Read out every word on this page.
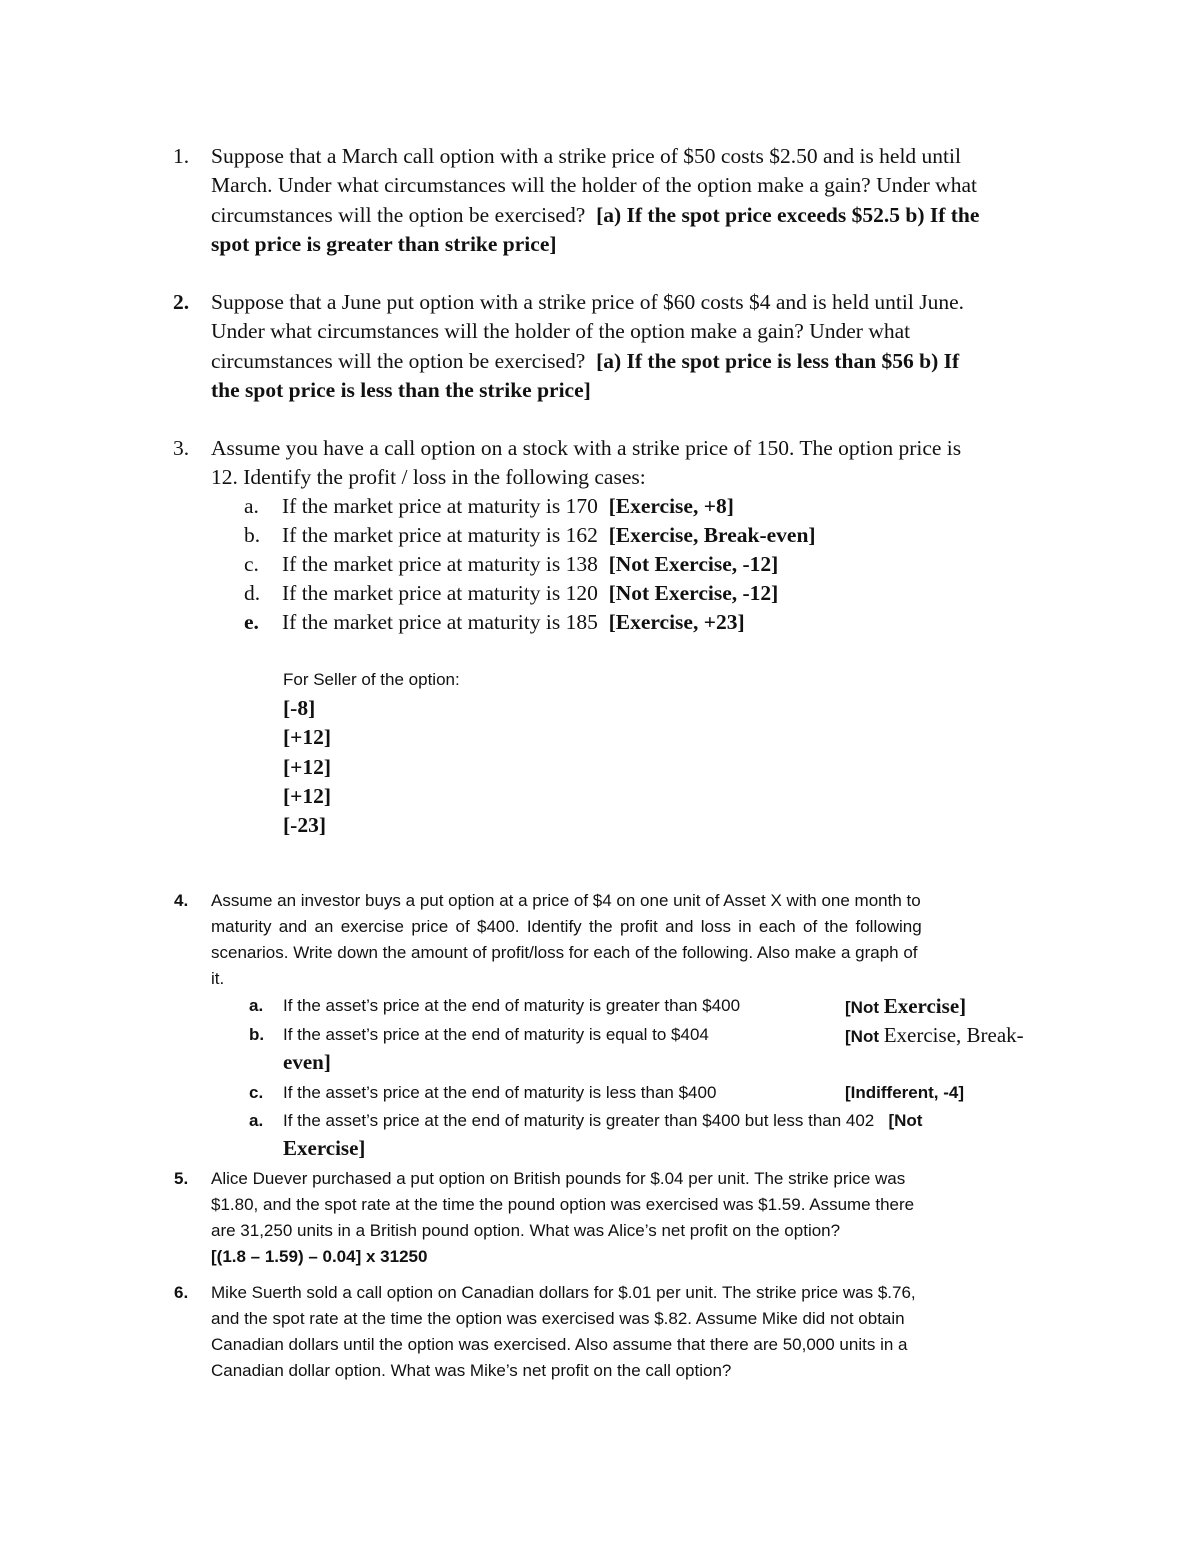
1. Suppose that a March call option with a strike price of $50 costs $2.50 and is held until
March. Under what circumstances will the holder of the option make a gain? Under what
circumstances will the option be exercised? [a) If the spot price exceeds $52.5 b) If the
spot price is greater than strike price]
2. Suppose that a June put option with a strike price of $60 costs $4 and is held until June.
Under what circumstances will the holder of the option make a gain? Under what
circumstances will the option be exercised? [a) If the spot price is less than $56 b) If
the spot price is less than the strike price]
3. Assume you have a call option on a stock with a strike price of 150. The option price is
12. Identify the profit / loss in the following cases:
a. If the market price at maturity is 170 [Exercise, +8]
b. If the market price at maturity is 162 [Exercise, Break-even]
c. If the market price at maturity is 138 [Not Exercise, -12]
d. If the market price at maturity is 120 [Not Exercise, -12]
e. If the market price at maturity is 185 [Exercise, +23]
For Seller of the option:
[-8]
[+12]
[+12]
[+12]
[-23]
4. Assume an investor buys a put option at a price of $4 on one unit of Asset X with one month to
maturity and an exercise price of $400. Identify the profit and loss in each of the following
scenarios. Write down the amount of profit/loss for each of the following. Also make a graph of
it.
a. If the asset’s price at the end of maturity is greater than $400	[Not Exercise]
b. If the asset’s price at the end of maturity is equal to $404	[Not Exercise, Break-
even]
c. If the asset’s price at the end of maturity is less than $400	[Indifferent, -4]
a. If the asset’s price at the end of maturity is greater than $400 but less than 402 [Not
Exercise]
5. Alice Duever purchased a put option on British pounds for $.04 per unit. The strike price was
$1.80, and the spot rate at the time the pound option was exercised was $1.59. Assume there
are 31,250 units in a British pound option. What was Alice’s net profit on the option?
[(1.8 – 1.59) – 0.04] x 31250
6. Mike Suerth sold a call option on Canadian dollars for $.01 per unit. The strike price was $.76,
and the spot rate at the time the option was exercised was $.82. Assume Mike did not obtain
Canadian dollars until the option was exercised. Also assume that there are 50,000 units in a
Canadian dollar option. What was Mike’s net profit on the call option?
